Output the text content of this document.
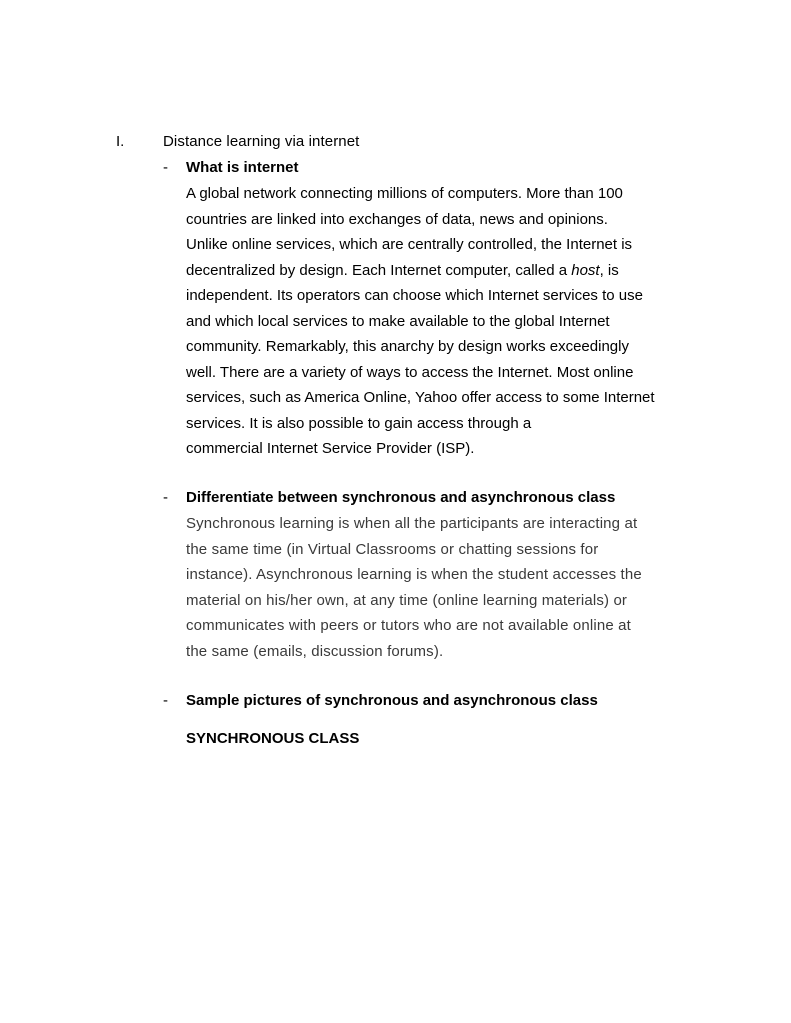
I.	Distance learning via internet
- What is internet
A global network connecting millions of computers. More than 100
countries are linked into exchanges of data, news and opinions.
Unlike online services, which are centrally controlled, the Internet is
decentralized by design. Each Internet computer, called a host, is
independent. Its operators can choose which Internet services to use
and which local services to make available to the global Internet
community. Remarkably, this anarchy by design works exceedingly
well. There are a variety of ways to access the Internet. Most online
services, such as America Online, Yahoo offer access to some Internet
services. It is also possible to gain access through a
commercial Internet Service Provider (ISP).
- Differentiate between synchronous and asynchronous class
Synchronous learning is when all the participants are interacting at
the same time (in Virtual Classrooms or chatting sessions for
instance). Asynchronous learning is when the student accesses the
material on his/her own, at any time (online learning materials) or
communicates with peers or tutors who are not available online at
the same (emails, discussion forums).
- Sample pictures of synchronous and asynchronous class
SYNCHRONOUS CLASS
